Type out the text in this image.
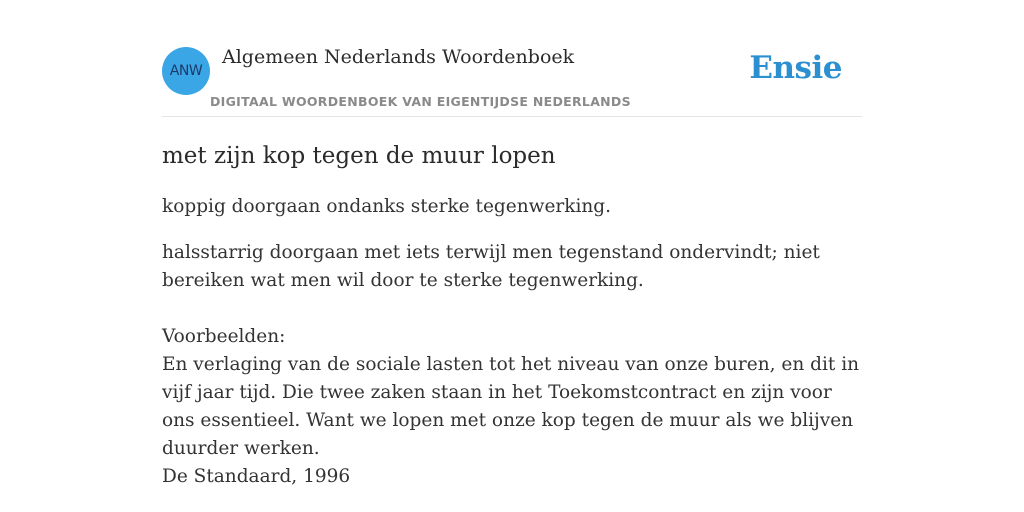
ANW
Algemeen Nederlands Woordenboek
DIGITAAL WOORDENBOEK VAN EIGENTIJDSE NEDERLANDS
Ensie
met zijn kop tegen de muur lopen

koppig doorgaan ondanks sterke tegenwerking.

halsstarrig doorgaan met iets terwijl men tegenstand ondervindt; niet bereiken wat men wil door te sterke tegenwerking.

Voorbeelden:

En verlaging van de sociale lasten tot het niveau van onze buren, en dit in vijf jaar tijd. Die twee zaken staan in het Toekomstcontract en zijn voor ons essentieel. Want we lopen met onze kop tegen de muur als we blijven duurder werken.

De Standaard, 1996
